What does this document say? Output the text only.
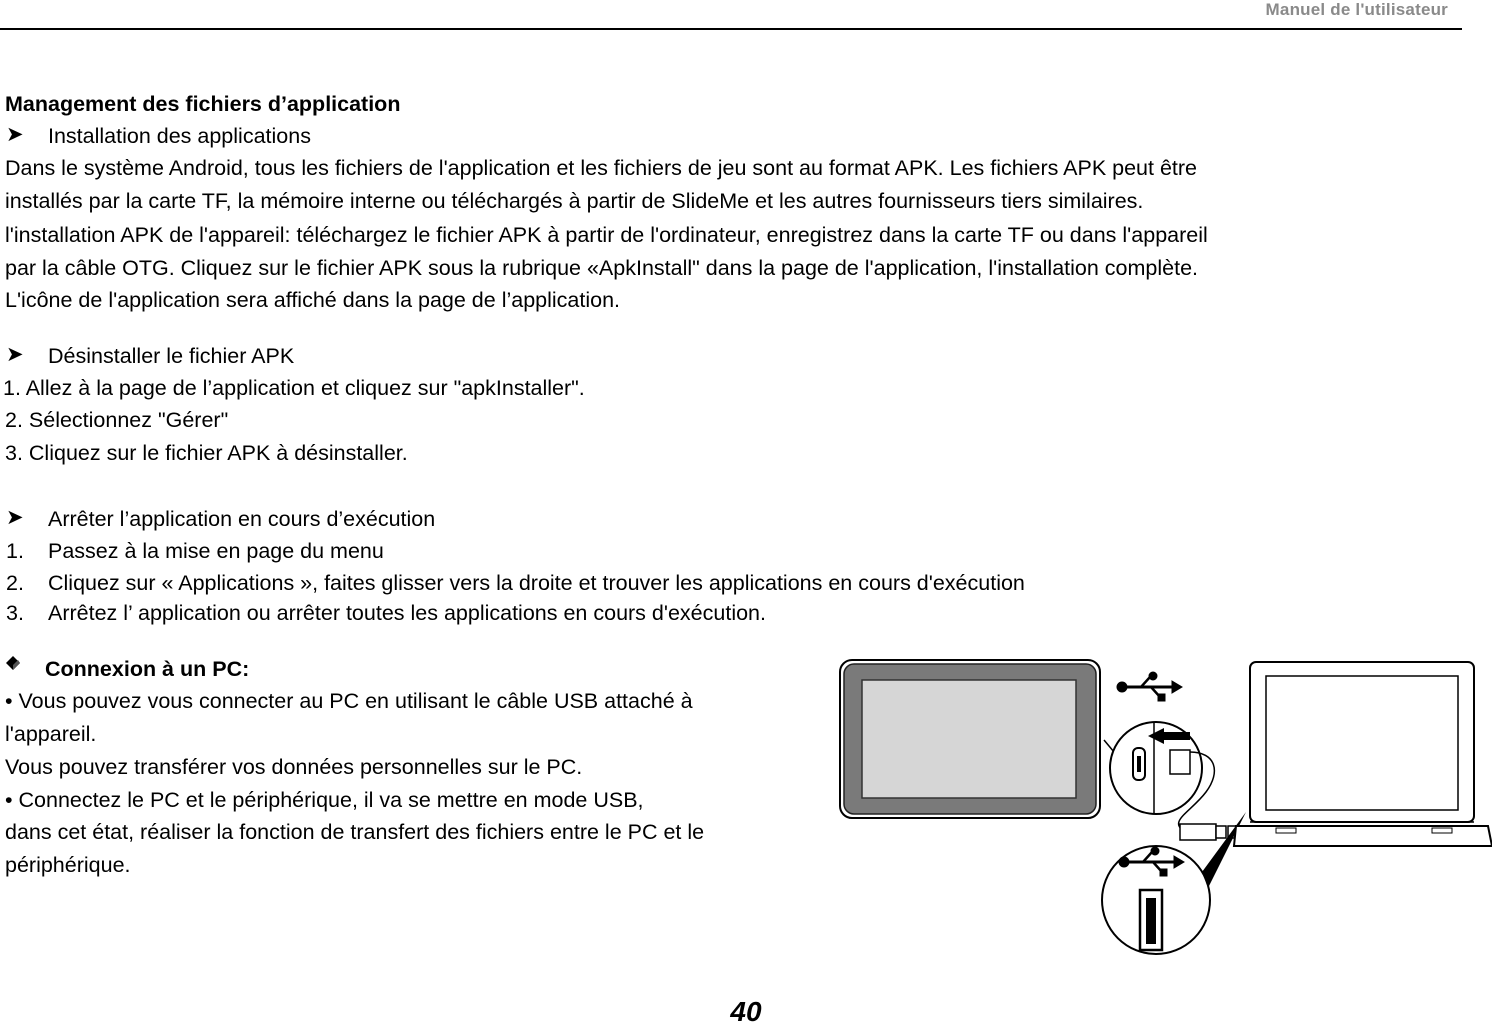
Manuel de l'utilisateur
Management des fichiers d’application
➤ Installation des applications
Dans le système Android, tous les fichiers de l'application et les fichiers de jeu sont au format APK. Les fichiers APK peut être
installés par la carte TF, la mémoire interne ou téléchargés à partir de SlideMe et les autres fournisseurs tiers similaires.
l'installation APK de l'appareil: téléchargez le fichier APK à partir de l'ordinateur, enregistrez dans la carte TF ou dans l'appareil
par la câble OTG. Cliquez sur le fichier APK sous la rubrique «ApkInstall" dans la page de l'application, l'installation complète.
L'icône de l'application sera affiché dans la page de l’application.
➤ Désinstaller le fichier APK
1. Allez à la page de l’application et cliquez sur "apkInstaller".
2. Sélectionnez "Gérer"
3. Cliquez sur le fichier APK à désinstaller.
➤ Arrêter l’application en cours d’exécution
1. Passez à la mise en page du menu
2. Cliquez sur « Applications », faites glisser vers la droite et trouver les applications en cours d'exécution
3. Arrêtez l’ application ou arrêter toutes les applications en cours d'exécution.
Connexion à un PC:
• Vous pouvez vous connecter au PC en utilisant le câble USB attaché à
l'appareil.
Vous pouvez transférer vos données personnelles sur le PC.
• Connectez le PC et le périphérique, il va se mettre en mode USB,
dans cet état, réaliser la fonction de transfert des fichiers entre le PC et le
périphérique.
40
